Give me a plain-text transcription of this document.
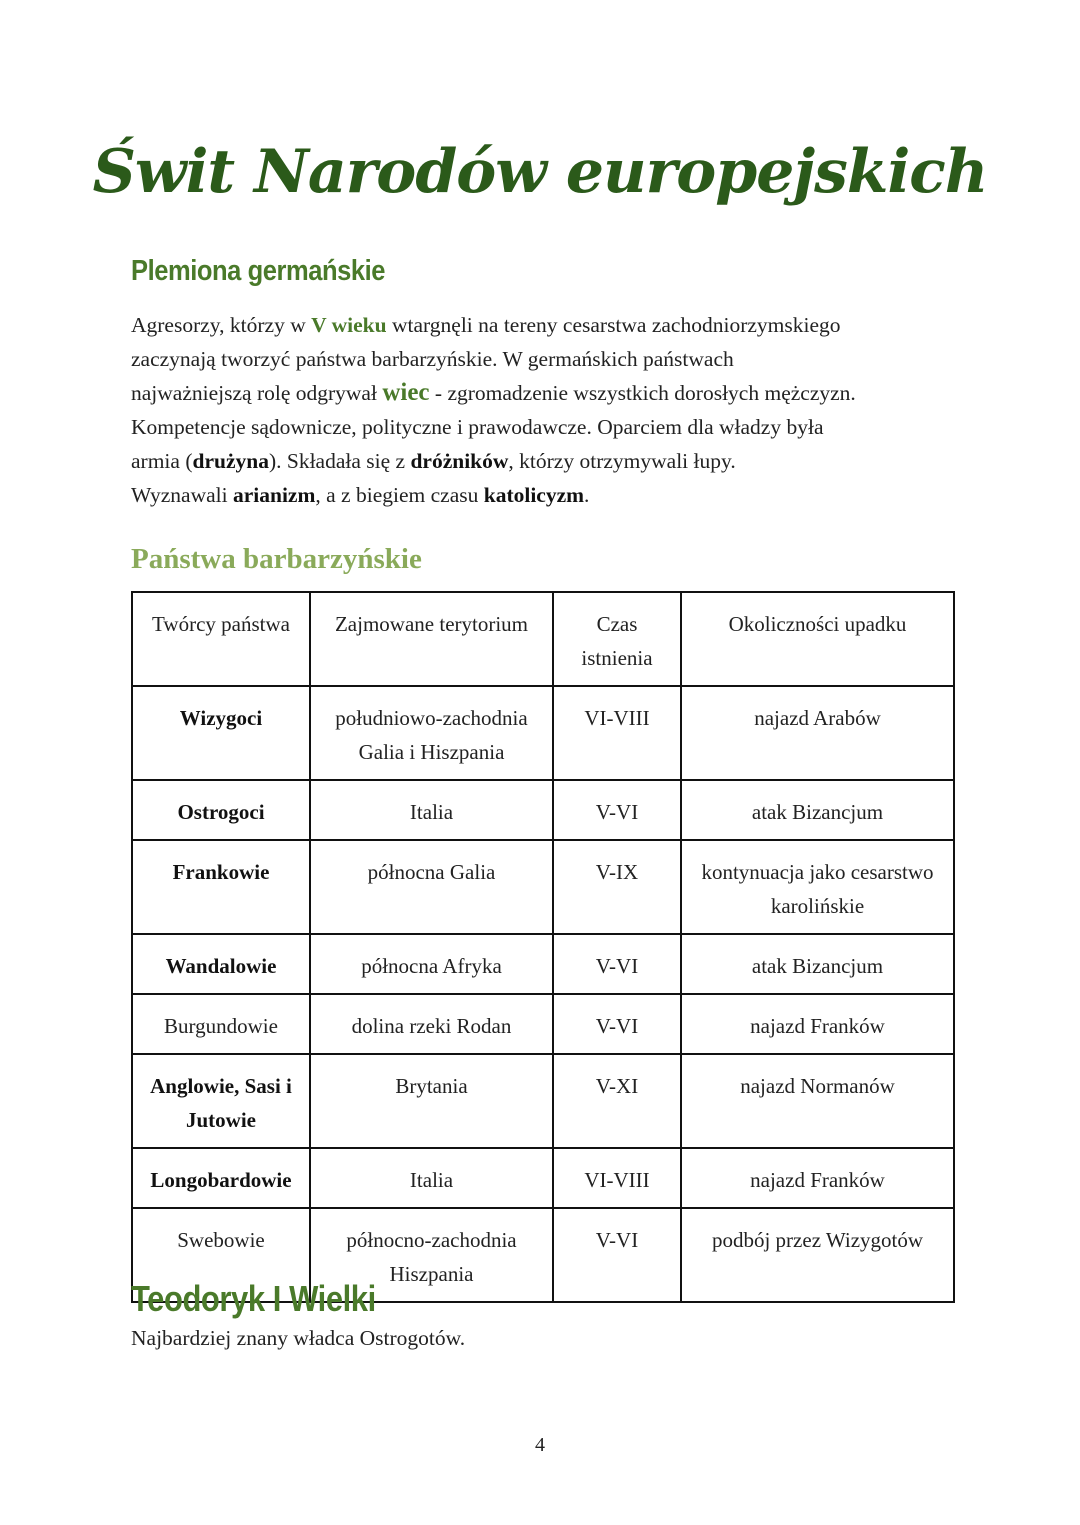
Świt Narodów europejskich
Plemiona germańskie
Agresorzy, którzy w V wieku wtargnęli na tereny cesarstwa zachodniorzymskiego
zaczynają tworzyć państwa barbarzyńskie. W germańskich państwach
najważniejszą rolę odgrywał wiec - zgromadzenie wszystkich dorosłych mężczyzn.
Kompetencje sądownicze, polityczne i prawodawcze. Oparciem dla władzy była
armia (drużyna). Składała się z dróżników, którzy otrzymywali łupy.
Wyznawali arianizm, a z biegiem czasu katolicyzm.
Państwa barbarzyńskie
Twórcy państwa	Zajmowane terytorium	Czas istnienia	Okoliczności upadku
Wizygoci	południowo-zachodnia Galia i Hiszpania	VI-VIII	najazd Arabów
Ostrogoci	Italia	V-VI	atak Bizancjum
Frankowie	północna Galia	V-IX	kontynuacja jako cesarstwo karolińskie
Wandalowie	północna Afryka	V-VI	atak Bizancjum
Burgundowie	dolina rzeki Rodan	V-VI	najazd Franków
Anglowie, Sasi i Jutowie	Brytania	V-XI	najazd Normanów
Longobardowie	Italia	VI-VIII	najazd Franków
Swebowie	północno-zachodnia Hiszpania	V-VI	podbój przez Wizygotów
Teodoryk I Wielki
Najbardziej znany władca Ostrogotów.
4
